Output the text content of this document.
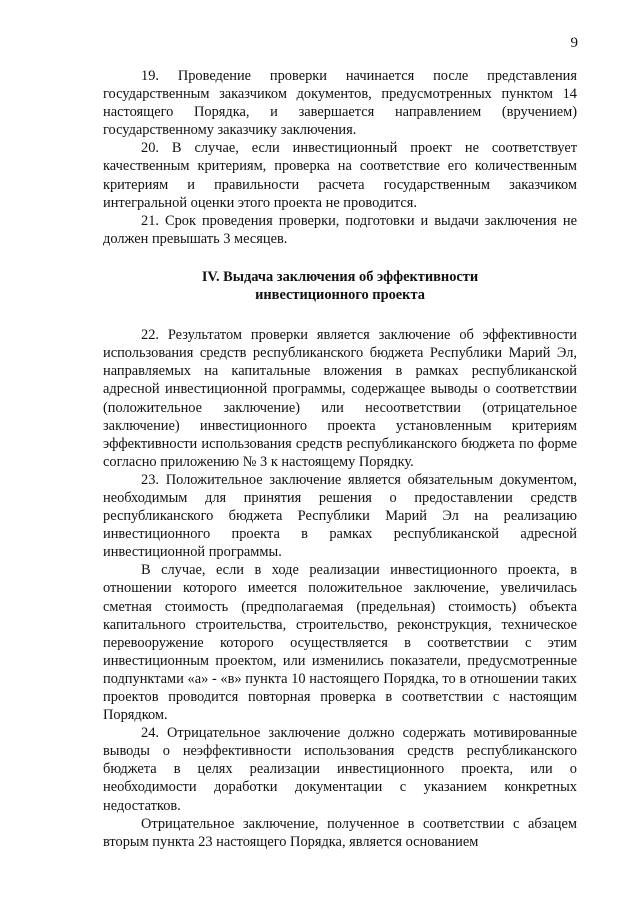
9

19. Проведение проверки начинается после представления государственным заказчиком документов, предусмотренных пунктом 14 настоящего Порядка, и завершается направлением (вручением) государственному заказчику заключения.

20. В случае, если инвестиционный проект не соответствует качественным критериям, проверка на соответствие его количественным критериям и правильности расчета государственным заказчиком интегральной оценки этого проекта не проводится.

21. Срок проведения проверки, подготовки и выдачи заключения не должен превышать 3 месяцев.

IV. Выдача заключения об эффективности
инвестиционного проекта

22. Результатом проверки является заключение об эффективности использования средств республиканского бюджета Республики Марий Эл, направляемых на капитальные вложения в рамках республиканской адресной инвестиционной программы, содержащее выводы о соответствии (положительное заключение) или несоответствии (отрицательное заключение) инвестиционного проекта установленным критериям эффективности использования средств республиканского бюджета по форме согласно приложению № 3 к настоящему Порядку.

23. Положительное заключение является обязательным документом, необходимым для принятия решения о предоставлении средств республиканского бюджета Республики Марий Эл на реализацию инвестиционного проекта в рамках республиканской адресной инвестиционной программы.

В случае, если в ходе реализации инвестиционного проекта, в отношении которого имеется положительное заключение, увеличилась сметная стоимость (предполагаемая (предельная) стоимость) объекта капитального строительства, строительство, реконструкция, техническое перевооружение которого осуществляется в соответствии с этим инвестиционным проектом, или изменились показатели, предусмотренные подпунктами «а» - «в» пункта 10 настоящего Порядка, то в отношении таких проектов проводится повторная проверка в соответствии с настоящим Порядком.

24. Отрицательное заключение должно содержать мотивированные выводы о неэффективности использования средств республиканского бюджета в целях реализации инвестиционного проекта, или о необходимости доработки документации с указанием конкретных недостатков.

Отрицательное заключение, полученное в соответствии с абзацем вторым пункта 23 настоящего Порядка, является основанием
